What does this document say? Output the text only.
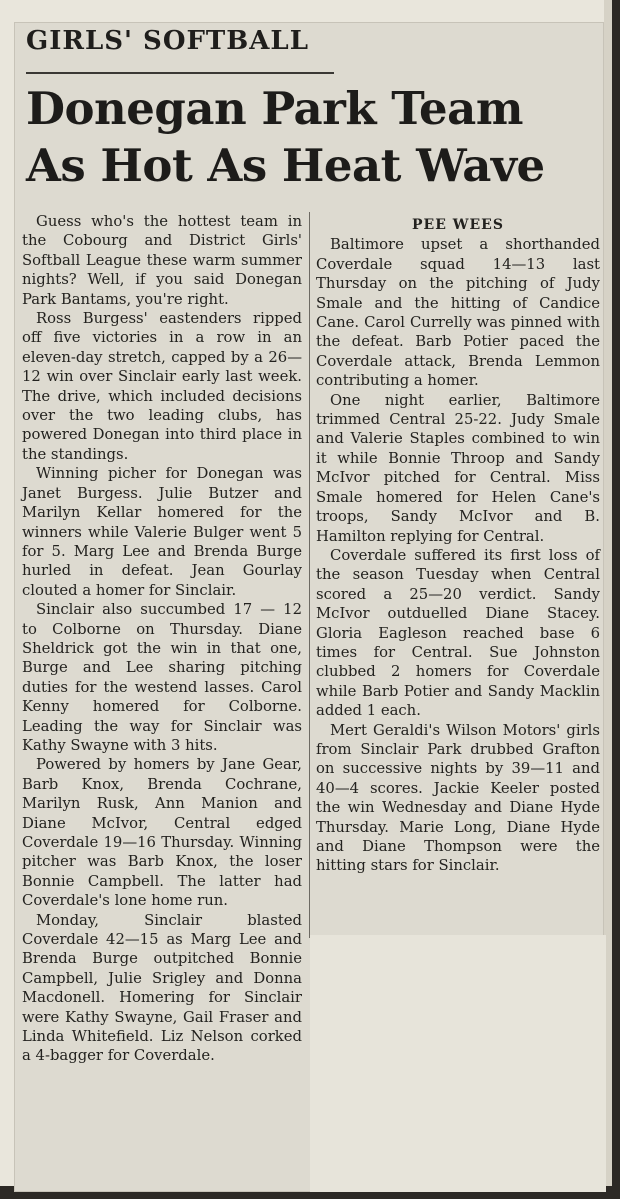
GIRLS' SOFTBALL
Donegan Park Team As Hot As Heat Wave

Guess who's the hottest team in the Cobourg and District Girls' Softball League these warm summer nights? Well, if you said Donegan Park Bantams, you're right.

Ross Burgess' eastenders ripped off five victories in a row in an eleven-day stretch, capped by a 26—12 win over Sinclair early last week. The drive, which included decisions over the two leading clubs, has powered Donegan into third place in the standings.

Winning picher for Donegan was Janet Burgess. Julie Butzer and Marilyn Kellar homered for the winners while Valerie Bulger went 5 for 5. Marg Lee and Brenda Burge hurled in defeat. Jean Gourlay clouted a homer for Sinclair.

Sinclair also succumbed 17 — 12 to Colborne on Thursday. Diane Sheldrick got the win in that one, Burge and Lee sharing pitching duties for the westend lasses. Carol Kenny homered for Colborne. Leading the way for Sinclair was Kathy Swayne with 3 hits.

Powered by homers by Jane Gear, Barb Knox, Brenda Cochrane, Marilyn Rusk, Ann Manion and Diane McIvor, Central edged Coverdale 19—16 Thursday. Winning pitcher was Barb Knox, the loser Bonnie Campbell. The latter had Coverdale's lone home run.

Monday, Sinclair blasted Coverdale 42—15 as Marg Lee and Brenda Burge outpitched Bonnie Campbell, Julie Srigley and Donna Macdonell. Homering for Sinclair were Kathy Swayne, Gail Fraser and Linda Whitefield. Liz Nelson corked a 4-bagger for Coverdale.

PEE WEES

Baltimore upset a shorthanded Coverdale squad 14—13 last Thursday on the pitching of Judy Smale and the hitting of Candice Cane. Carol Currelly was pinned with the defeat. Barb Potier paced the Coverdale attack, Brenda Lemmon contributing a homer.

One night earlier, Baltimore trimmed Central 25-22. Judy Smale and Valerie Staples combined to win it while Bonnie Throop and Sandy McIvor pitched for Central. Miss Smale homered for Helen Cane's troops, Sandy McIvor and B. Hamilton replying for Central.

Coverdale suffered its first loss of the season Tuesday when Central scored a 25—20 verdict. Sandy McIvor outduelled Diane Stacey. Gloria Eagleson reached base 6 times for Central. Sue Johnston clubbed 2 homers for Coverdale while Barb Potier and Sandy Macklin added 1 each.

Mert Geraldi's Wilson Motors' girls from Sinclair Park drubbed Grafton on successive nights by 39—11 and 40—4 scores. Jackie Keeler posted the win Wednesday and Diane Hyde Thursday. Marie Long, Diane Hyde and Diane Thompson were the hitting stars for Sinclair.
